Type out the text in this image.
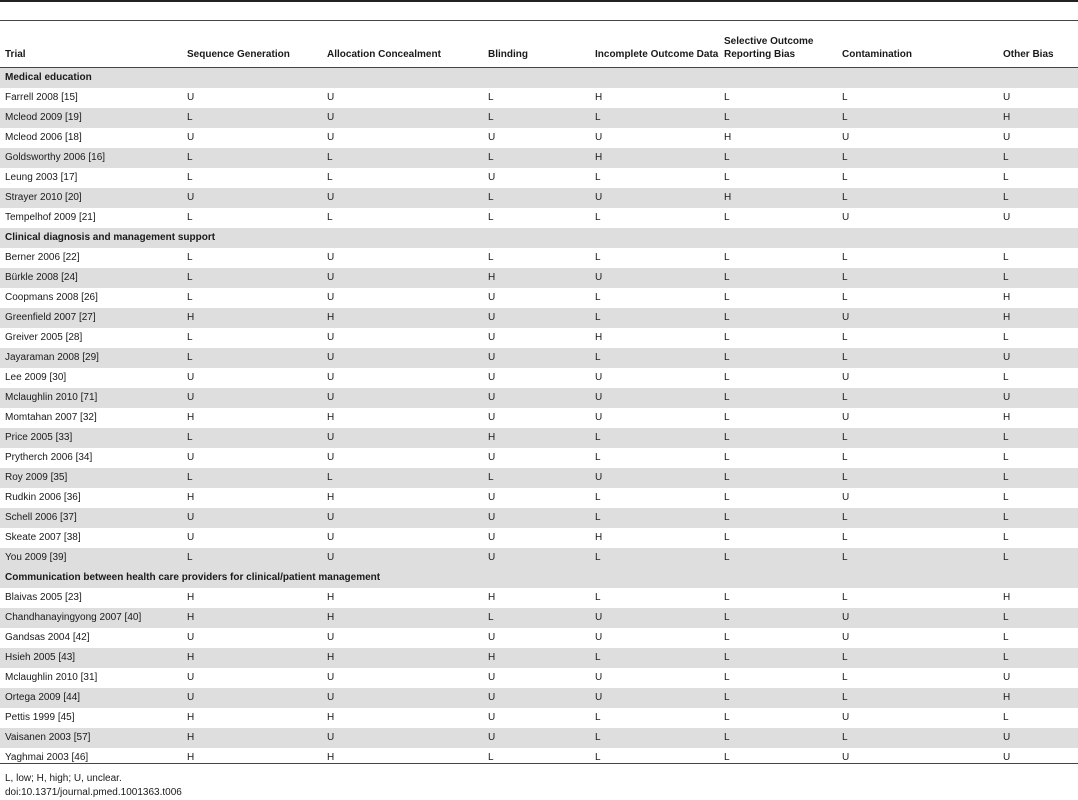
Trial	Sequence Generation	Allocation Concealment	Blinding	Incomplete Outcome Data	Selective Outcome Reporting Bias	Contamination	Other Bias
Medical education							
Farrell 2008 [15]	U	U	L	H	L	L	U
Mcleod 2009 [19]	L	U	L	L	L	L	H
Mcleod 2006 [18]	U	U	U	U	H	U	U
Goldsworthy 2006 [16]	L	L	L	H	L	L	L
Leung 2003 [17]	L	L	U	L	L	L	L
Strayer 2010 [20]	U	U	L	U	H	L	L
Tempelhof 2009 [21]	L	L	L	L	L	U	U
Clinical diagnosis and management support							
Berner 2006 [22]	L	U	L	L	L	L	L
Bürkle 2008 [24]	L	U	H	U	L	L	L
Coopmans 2008 [26]	L	U	U	L	L	L	H
Greenfield 2007 [27]	H	H	U	L	L	U	H
Greiver 2005 [28]	L	U	U	H	L	L	L
Jayaraman 2008 [29]	L	U	U	L	L	L	U
Lee 2009 [30]	U	U	U	U	L	U	L
Mclaughlin 2010 [71]	U	U	U	U	L	L	U
Momtahan 2007 [32]	H	H	U	U	L	U	H
Price 2005 [33]	L	U	H	L	L	L	L
Prytherch 2006 [34]	U	U	U	L	L	L	L
Roy 2009 [35]	L	L	L	U	L	L	L
Rudkin 2006 [36]	H	H	U	L	L	U	L
Schell 2006 [37]	U	U	U	L	L	L	L
Skeate 2007 [38]	U	U	U	H	L	L	L
You 2009 [39]	L	U	U	L	L	L	L
Communication between health care providers for clinical/patient management							
Blaivas 2005 [23]	H	H	H	L	L	L	H
Chandhanayingyong 2007 [40]	H	H	L	U	L	U	L
Gandsas 2004 [42]	U	U	U	U	L	U	L
Hsieh 2005 [43]	H	H	H	L	L	L	L
Mclaughlin 2010 [31]	U	U	U	U	L	L	U
Ortega 2009 [44]	U	U	U	U	L	L	H
Pettis 1999 [45]	H	H	U	L	L	U	L
Vaisanen 2003 [57]	H	U	U	L	L	L	U
Yaghmai 2003 [46]	H	H	L	L	L	U	U
L, low; H, high; U, unclear.
doi:10.1371/journal.pmed.1001363.t006
